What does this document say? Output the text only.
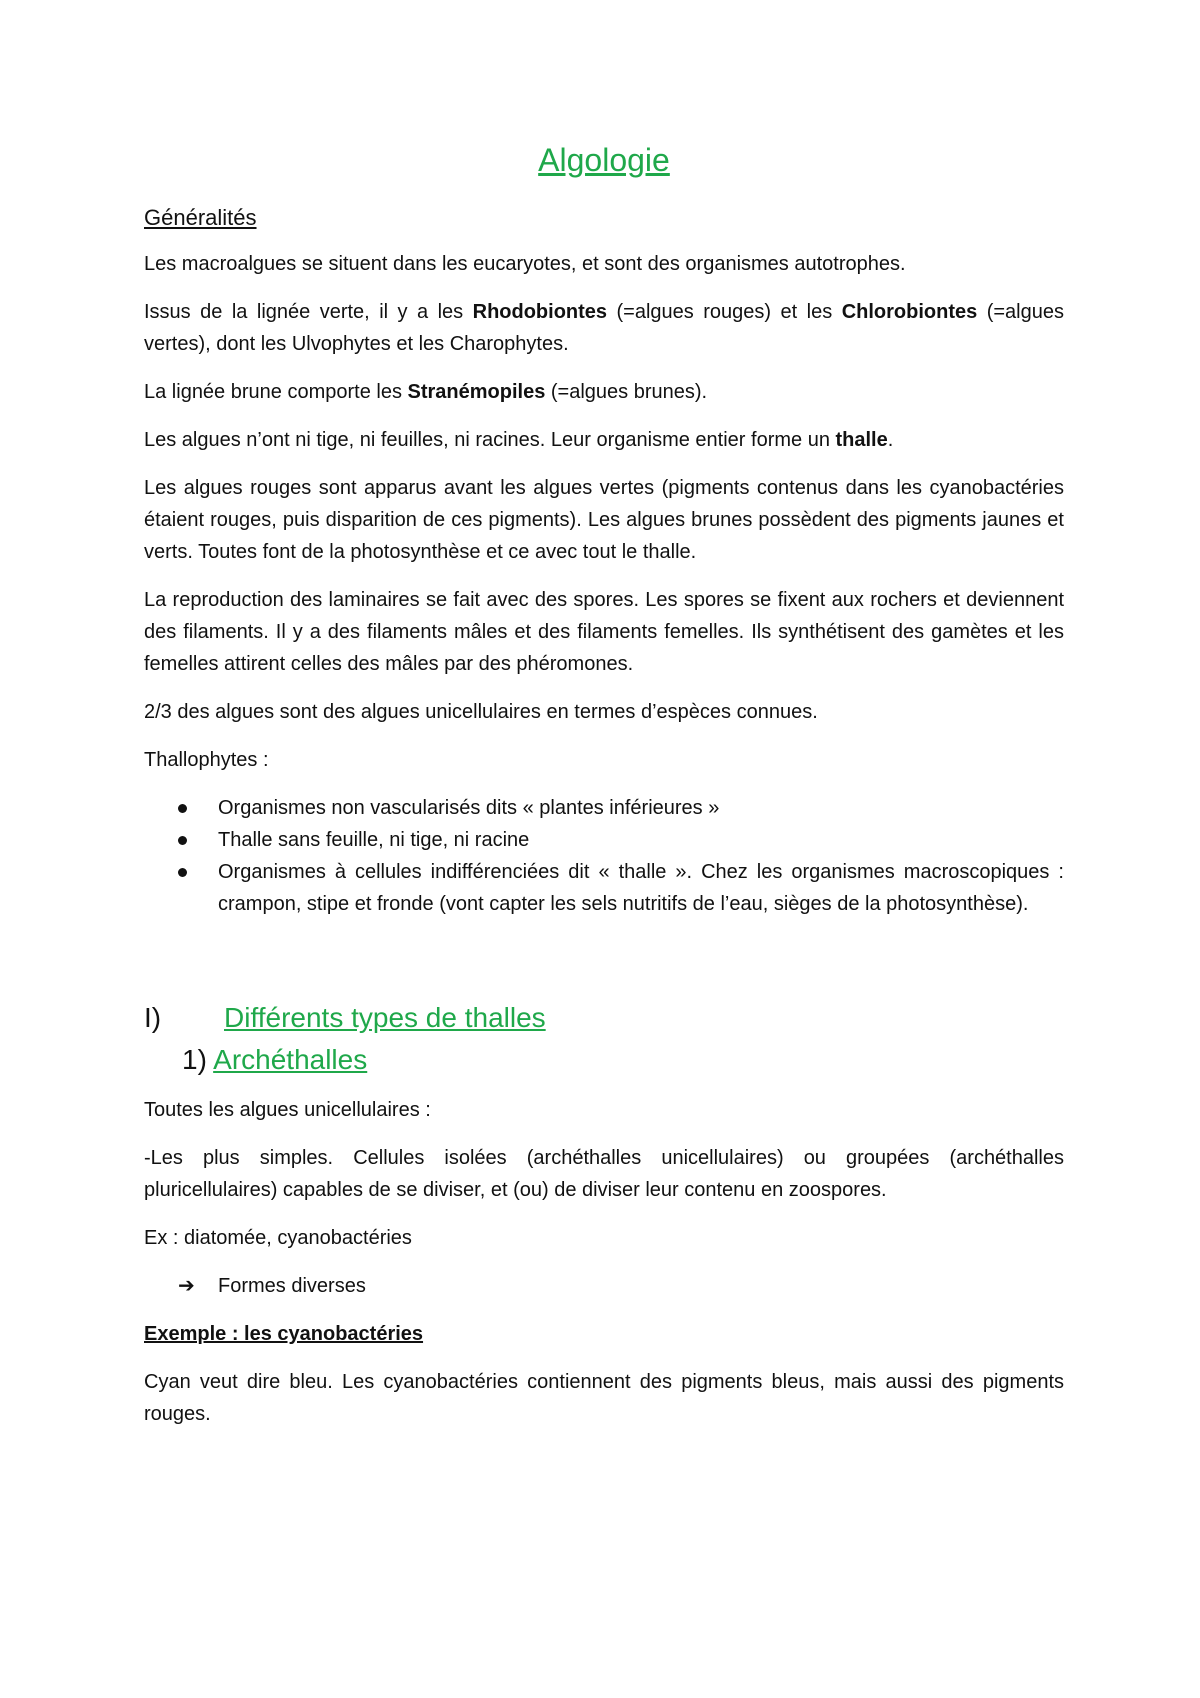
Algologie
Généralités

Les macroalgues se situent dans les eucaryotes, et sont des organismes autotrophes.

Issus de la lignée verte, il y a les Rhodobiontes (=algues rouges) et les Chlorobiontes (=algues vertes), dont les Ulvophytes et les Charophytes.

La lignée brune comporte les Stranémopiles (=algues brunes).

Les algues n’ont ni tige, ni feuilles, ni racines. Leur organisme entier forme un thalle.

Les algues rouges sont apparus avant les algues vertes (pigments contenus dans les cyanobactéries étaient rouges, puis disparition de ces pigments). Les algues brunes possèdent des pigments jaunes et verts. Toutes font de la photosynthèse et ce avec tout le thalle.

La reproduction des laminaires se fait avec des spores. Les spores se fixent aux rochers et deviennent des filaments. Il y a des filaments mâles et des filaments femelles. Ils synthétisent des gamètes et les femelles attirent celles des mâles par des phéromones.

2/3 des algues sont des algues unicellulaires en termes d’espèces connues.

Thallophytes :

Organismes non vascularisés dits « plantes inférieures »
Thalle sans feuille, ni tige, ni racine
Organismes à cellules indifférenciées dit « thalle ». Chez les organismes macroscopiques : crampon, stipe et fronde (vont capter les sels nutritifs de l’eau, sièges de la photosynthèse).
I)	Différents types de thalles
1) Archéthalles

Toutes les algues unicellulaires :

-Les plus simples. Cellules isolées (archéthalles unicellulaires) ou groupées (archéthalles pluricellulaires) capables de se diviser, et (ou) de diviser leur contenu en zoospores.

Ex : diatomée, cyanobactéries

➔	Formes diverses
Exemple : les cyanobactéries

Cyan veut dire bleu. Les cyanobactéries contiennent des pigments bleus, mais aussi des pigments rouges.
